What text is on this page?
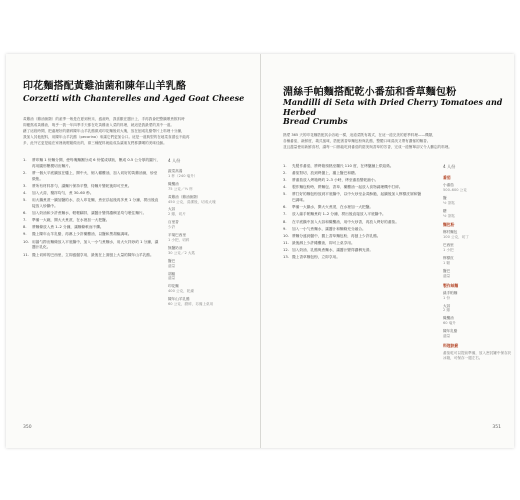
印花麵搭配黃雞油菌和陳年山羊乳酪
Corzetti with Chanterelles and Aged Goat Cheese
黃雞油（雞油菌類）的產季一般是在夏到秋末，盛產時，我喜歡在醬汁上，手再我會把整鍋燉煮飲料時
即應熬成黃雞油，幾乎一我一年四季手天都在吃黃雞油入菜的料理，就這是我最愛的其中一道。
藉了這段時間，把處理好的磨碎陳年山羊乳酪做成印花麵後切大塊，放在刨成乳酪帶片上料理十分鐘，
我加入其他配料，用陳年山羊乳酪（pecorino）來讓它們更加合口。這是一道典型的在地菜食譜也不能再
多，此外它更是能在家裡就輕鬆做出的，兩三種配料就能成為讓朋友們都讚嘆的美味佳餚。
1. 將印麵 1 份麵分開，使每塊麵團分成 6 份揉成球狀，壓成 0.5 公分厚的圓片，再用圓形壓模切出麵片。
2. 將一個大平底鍋放在爐上，開中火，倒入橄欖油，加入切好的黃雞油菌，炒至微焦。
3. 將所有材料拌勻，讓麵片保持平整，待麵片變乾後即可烹煮。
4. 加入大蒜，攪拌均勻，煮 30–60 秒。
5. 用大鍋煮滾一鍋加鹽的水，放入印花麵，煮至浮起後再多煮 1 分鐘，撈出後直接放入炒鍋中。
6. 加入奶油和少許煮麵水，輕輕翻拌，讓醬汁變得濃稠並均勻裹住麵片。
7. 準備一大碗，開大火煮滾，在水裡加一大把鹽。
8. 將麵條放入煮 1–2 分鐘，讓麵條軟而不爛。
9. 撒上陳年山羊乳酪，再淋上少許橄欖油，以鹽和黑胡椒調味。
10. 用漏勺撈出麵條放入平底鍋中，加入一小勺煮麵水，用大火拌炒約 1 分鐘，讓醬汁乳化。
11. 撒上切碎的巴西里，立即盛盤享用，最後在上面刨上大量的陳年山羊乳酪。
4 人份
蔬菜高湯
1 杯（240 毫升）
橄欖油
75 公克／⅓ 杯
黃雞油（雞油菌類）
450 公克，清潔後，切成大塊
大蒜
2 瓣，切片
百里香
少許
平葉巴西里
1 小把，切碎
無鹽奶油
30 公克／2 大匙
鹽巴
適量
胡椒
適量
印花麵
400 公克，乾燥
陳年山羊乳酪
60 公克，磨碎，另備上桌用
350
淵絲手帕麵搭配乾小番茄和香草麵包粉
Mandilli di Seta with Dried Cherry Tomatoes and Herbed
Bread Crumbs
熱愛 365 天的印花麵搭配其余各地一樣，這道菜既有義式，在這一道完美的夏季料理——機類，
各種番茄，新鮮度，義式風味，搭配著香草麵包粉與乳酪，整體口味清淡又帶有濃郁的麵香。
並且盡量使用新鮮食材，讓每一口都能吃到番茄的甜美與香草的芳香，完成一道簡單卻又令人難忘的料理。
1. 先製作番茄，將烤箱預熱至攝氏 110 度，在烤盤鋪上烘焙紙。
2. 番茄對切，放到烤盤上，灑上鹽巴和糖。
3. 將番茄放入烤箱烤約 2–3 小時，烤至番茄變乾縮小。
4. 製作麵包粉時，將麵包、香草、橄欖油一起放入食物調理機中打碎。
5. 將打好的麵包粉放到平底鍋中，以中火炒至金黃酥脆，起鍋後加入檸檬皮屑和鹽巴調味。
6. 準備一大鍋水，開大火煮滾，在水裡加一大把鹽。
7. 放入絲手帕麵煮約 1–2 分鐘，撈出後直接放入平底鍋中。
8. 在平底鍋中加入大蒜和橄欖油，用中火炒香，再放入烤好的番茄。
9. 加入一小勺煮麵水，讓醬汁和麵條充分融合。
10. 將麵分盛到盤中，撒上香草麵包粉，再刨上少許乳酪。
11. 最後淋上少許橄欖油，即可上桌享用。
12. 加入奶油、乳酪與煮麵水，讓醬汁變得濃稠光滑。
13. 撒上香草麵包粉，立即享用。
4 人份
番茄
小番茄
500–600 公克
鹽
½ 茶匙
糖
½ 茶匙
麵包粉
鄉村麵包
100 公克，切丁
巴西里
1 小把
檸檬皮
1 顆
鹽巴
適量
製作絲麵
絲手帕麵
1 份
大蒜
2 瓣
橄欖油
60 毫升
陳年乳酪
適量
料理訣竅
番茄乾可以提前準備，放入密封罐中保存於冰箱，可保存一週左右。
351
